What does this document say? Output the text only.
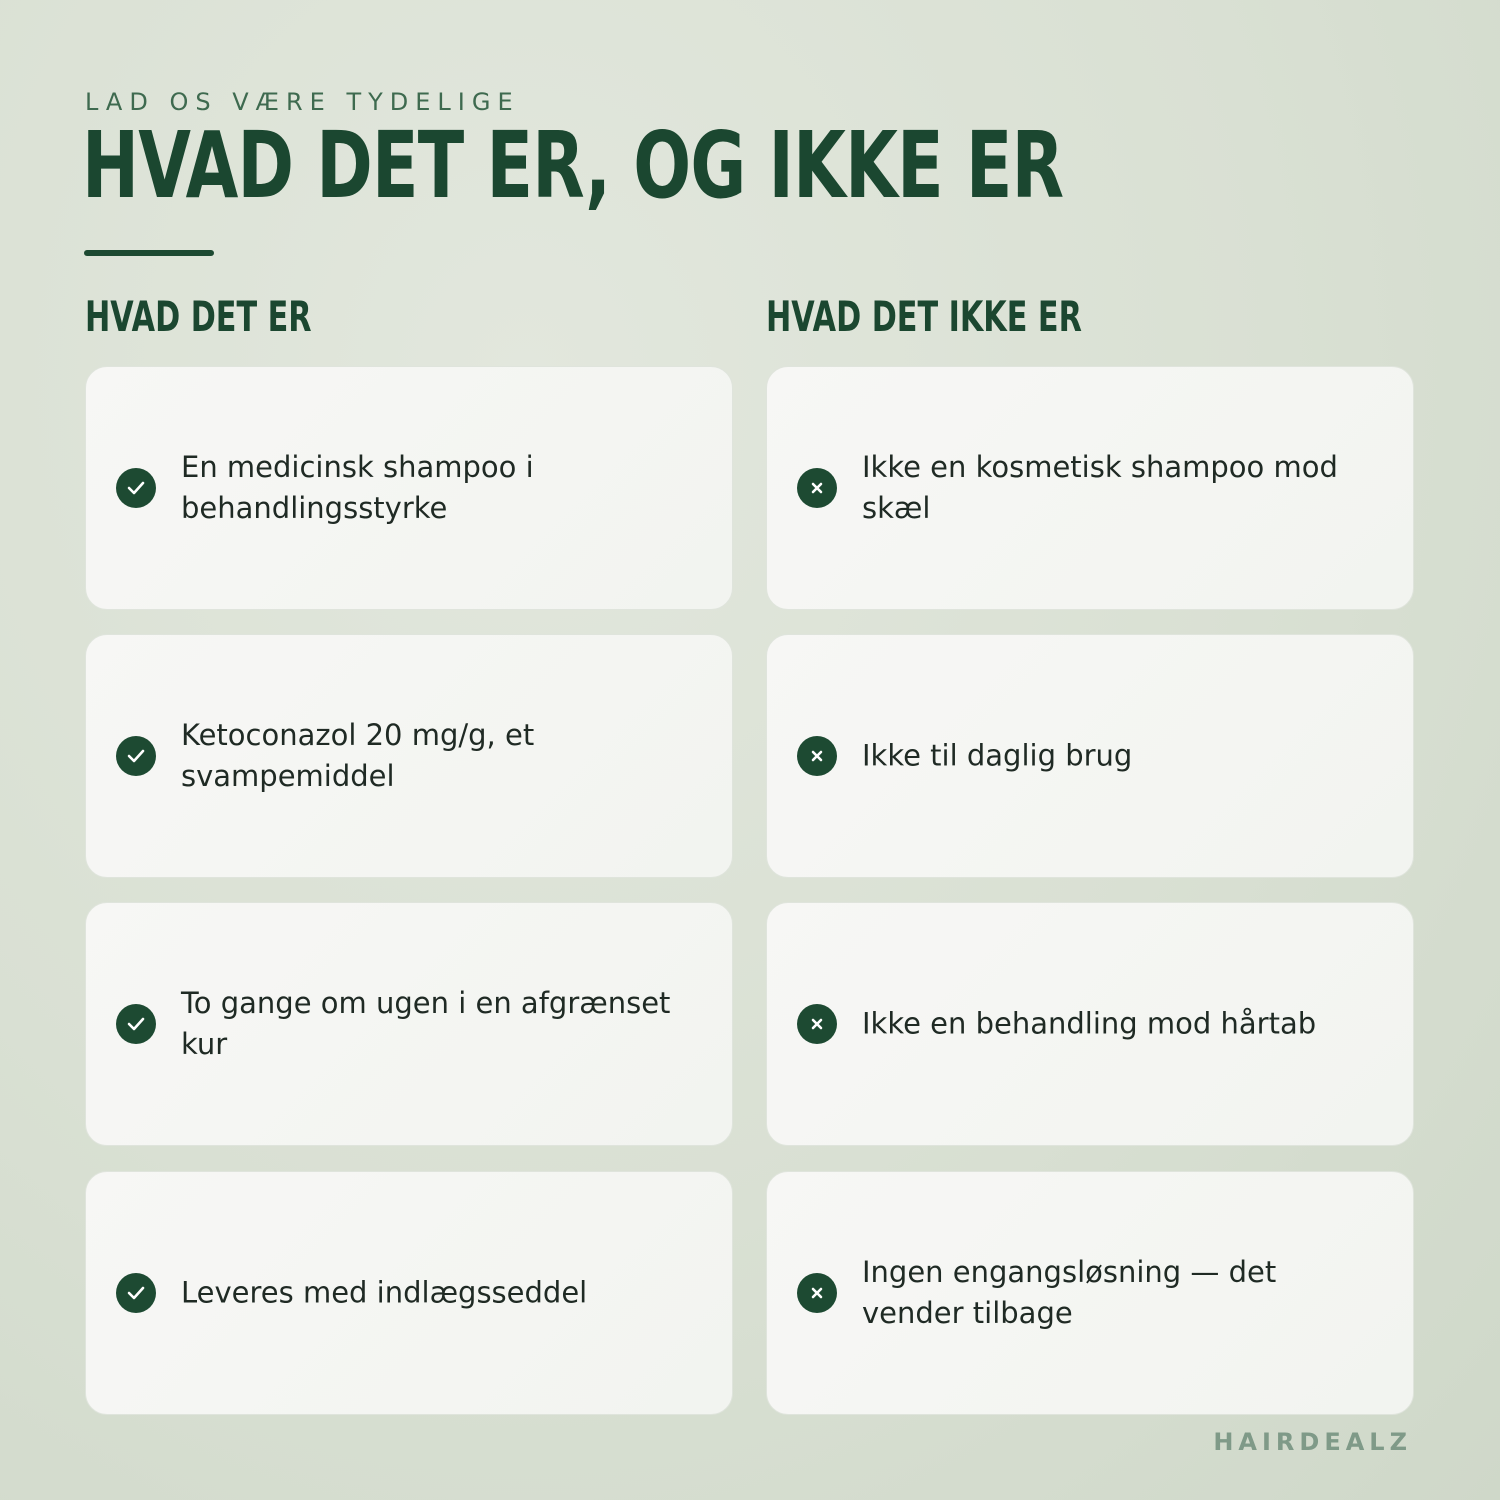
LAD OS VÆRE TYDELIGE
HVAD DET ER, OG IKKE ER
HVAD DET ER	HVAD DET IKKE ER
En medicinsk shampoo i behandlingsstyrke
Ketoconazol 20 mg/g, et svampemiddel
To gange om ugen i en afgrænset kur
Leveres med indlægsseddel
Ikke en kosmetisk shampoo mod skæl
Ikke til daglig brug
Ikke en behandling mod hårtab
Ingen engangsløsning — det vender tilbage
HAIRDEALZ
